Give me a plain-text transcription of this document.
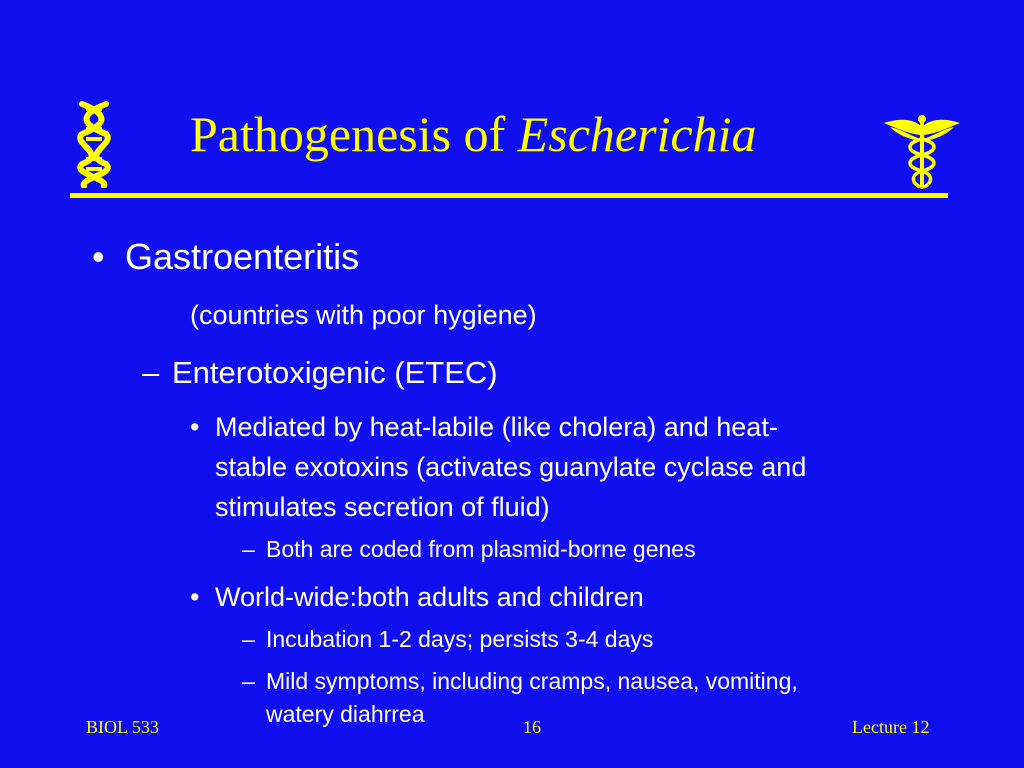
Pathogenesis of Escherichia
• Gastroenteritis
(countries with poor hygiene)
– Enterotoxigenic (ETEC)
• Mediated by heat-labile (like cholera) and heat-
stable exotoxins (activates guanylate cyclase and
stimulates secretion of fluid)
– Both are coded from plasmid-borne genes
• World-wide:both adults and children
– Incubation 1-2 days; persists 3-4 days
– Mild symptoms, including cramps, nausea, vomiting,
watery diahrrea
BIOL 533	16	Lecture 12
